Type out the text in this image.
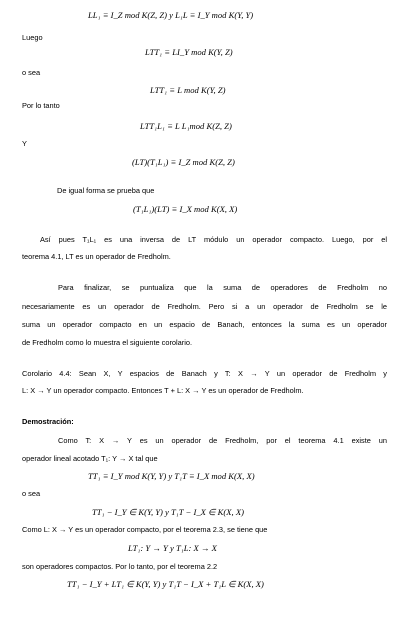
LL₁ ≡ I_Z mod K(Z, Z) y L₁L ≡ I_Y mod K(Y, Y)
Luego
LTT₁ ≡ LI_Y mod K(Y, Z)
o sea
LTT₁ ≡ L mod K(Y, Z)
Por lo tanto
LTT₁L₁ ≡ L L₁mod K(Z, Z)
Y
(LT)(T₁L₁) ≡ I_Z mod K(Z, Z)
De igual forma se prueba que
(T₁L₁)(LT) ≡ I_X mod K(X, X)
Así pues T₁L₁ es una inversa de LT módulo un operador compacto. Luego, por el
teorema 4.1, LT es un operador de Fredholm.
Para finalizar, se puntualiza que la suma de operadores de Fredholm no
necesariamente es un operador de Fredholm. Pero si a un operador de Fredholm se le
suma un operador compacto en un espacio de Banach, entonces la suma es un operador
de Fredholm como lo muestra el siguiente corolario.
Corolario 4.4: Sean X, Y espacios de Banach y T: X → Y un operador de Fredholm y
L: X → Y un operador compacto. Entonces T + L: X → Y es un operador de Fredholm.
Demostración:
Como T: X → Y es un operador de Fredholm, por el teorema 4.1 existe un
operador lineal acotado T₁: Y → X tal que
TT₁ ≡ I_Y mod K(Y, Y) y T₁T ≡ I_X mod K(X, X)
o sea
TT₁ − I_Y ∈ K(Y, Y) y T₁T − I_X ∈ K(X, X)
Como L: X → Y es un operador compacto, por el teorema 2.3, se tiene que
LT₁: Y → Y y T₁L: X → X
son operadores compactos. Por lo tanto, por el teorema 2.2
TT₁ − I_Y + LT₁ ∈ K(Y, Y) y T₁T − I_X + T₁L ∈ K(X, X)
